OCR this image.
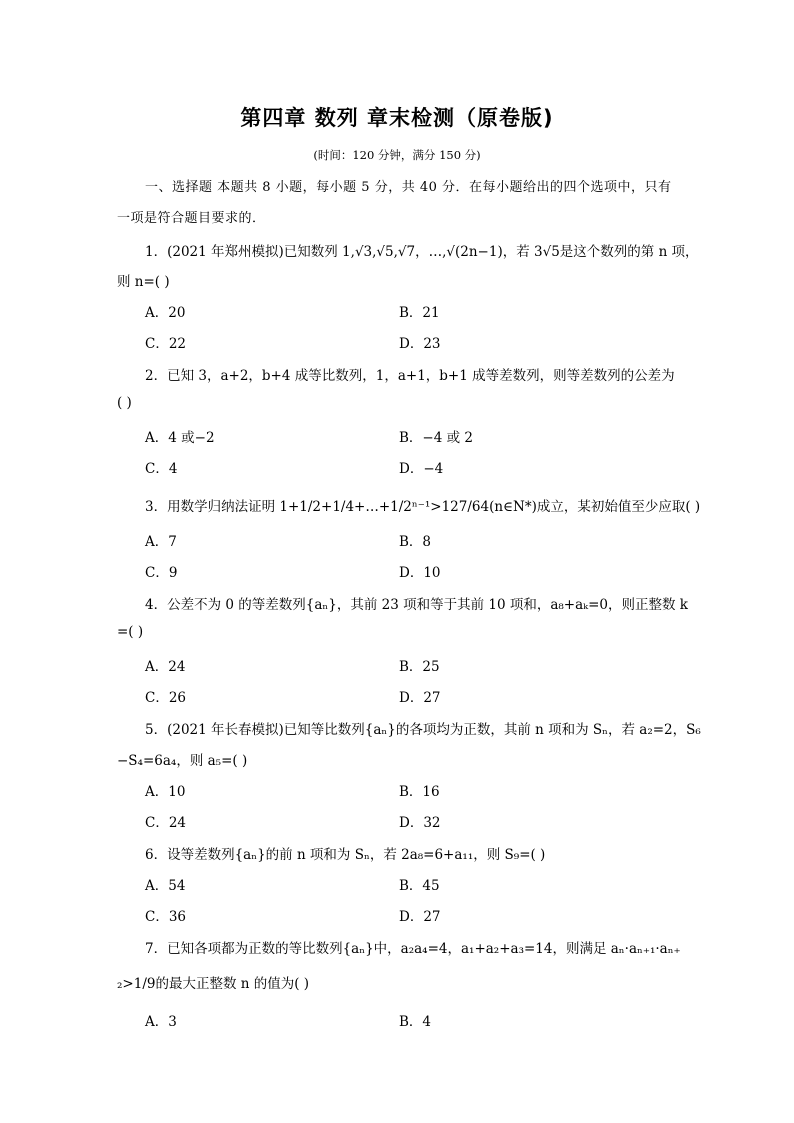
第四章 数列 章末检测（原卷版)
(时间：120 分钟，满分 150 分)
一、选择题 本题共 8 小题，每小题 5 分，共 40 分．在每小题给出的四个选项中，只有
一项是符合题目要求的．
1．(2021 年郑州模拟)已知数列 1,√3,√5,√7，…,√(2n−1)，若 3√5是这个数列的第 n 项，
则 n=( )
A．20	B．21
C．22	D．23
2．已知 3，a+2，b+4 成等比数列，1，a+1，b+1 成等差数列，则等差数列的公差为
( )
A．4 或−2	B．−4 或 2
C．4	D．−4
3．用数学归纳法证明 1+1/2+1/4+…+1/2ⁿ⁻¹>127/64(n∈N*)成立，某初始值至少应取( )
A．7	B．8
C．9	D．10
4．公差不为 0 的等差数列{aₙ}，其前 23 项和等于其前 10 项和，a₈+aₖ=0，则正整数 k
=( )
A．24	B．25
C．26	D．27
5．(2021 年长春模拟)已知等比数列{aₙ}的各项均为正数，其前 n 项和为 Sₙ，若 a₂=2，S₆
−S₄=6a₄，则 a₅=( )
A．10	B．16
C．24	D．32
6．设等差数列{aₙ}的前 n 项和为 Sₙ，若 2a₈=6+a₁₁，则 S₉=( )
A．54	B．45
C．36	D．27
7．已知各项都为正数的等比数列{aₙ}中，a₂a₄=4，a₁+a₂+a₃=14，则满足 aₙ·aₙ₊₁·aₙ₊
₂>1/9的最大正整数 n 的值为( )
A．3	B．4
